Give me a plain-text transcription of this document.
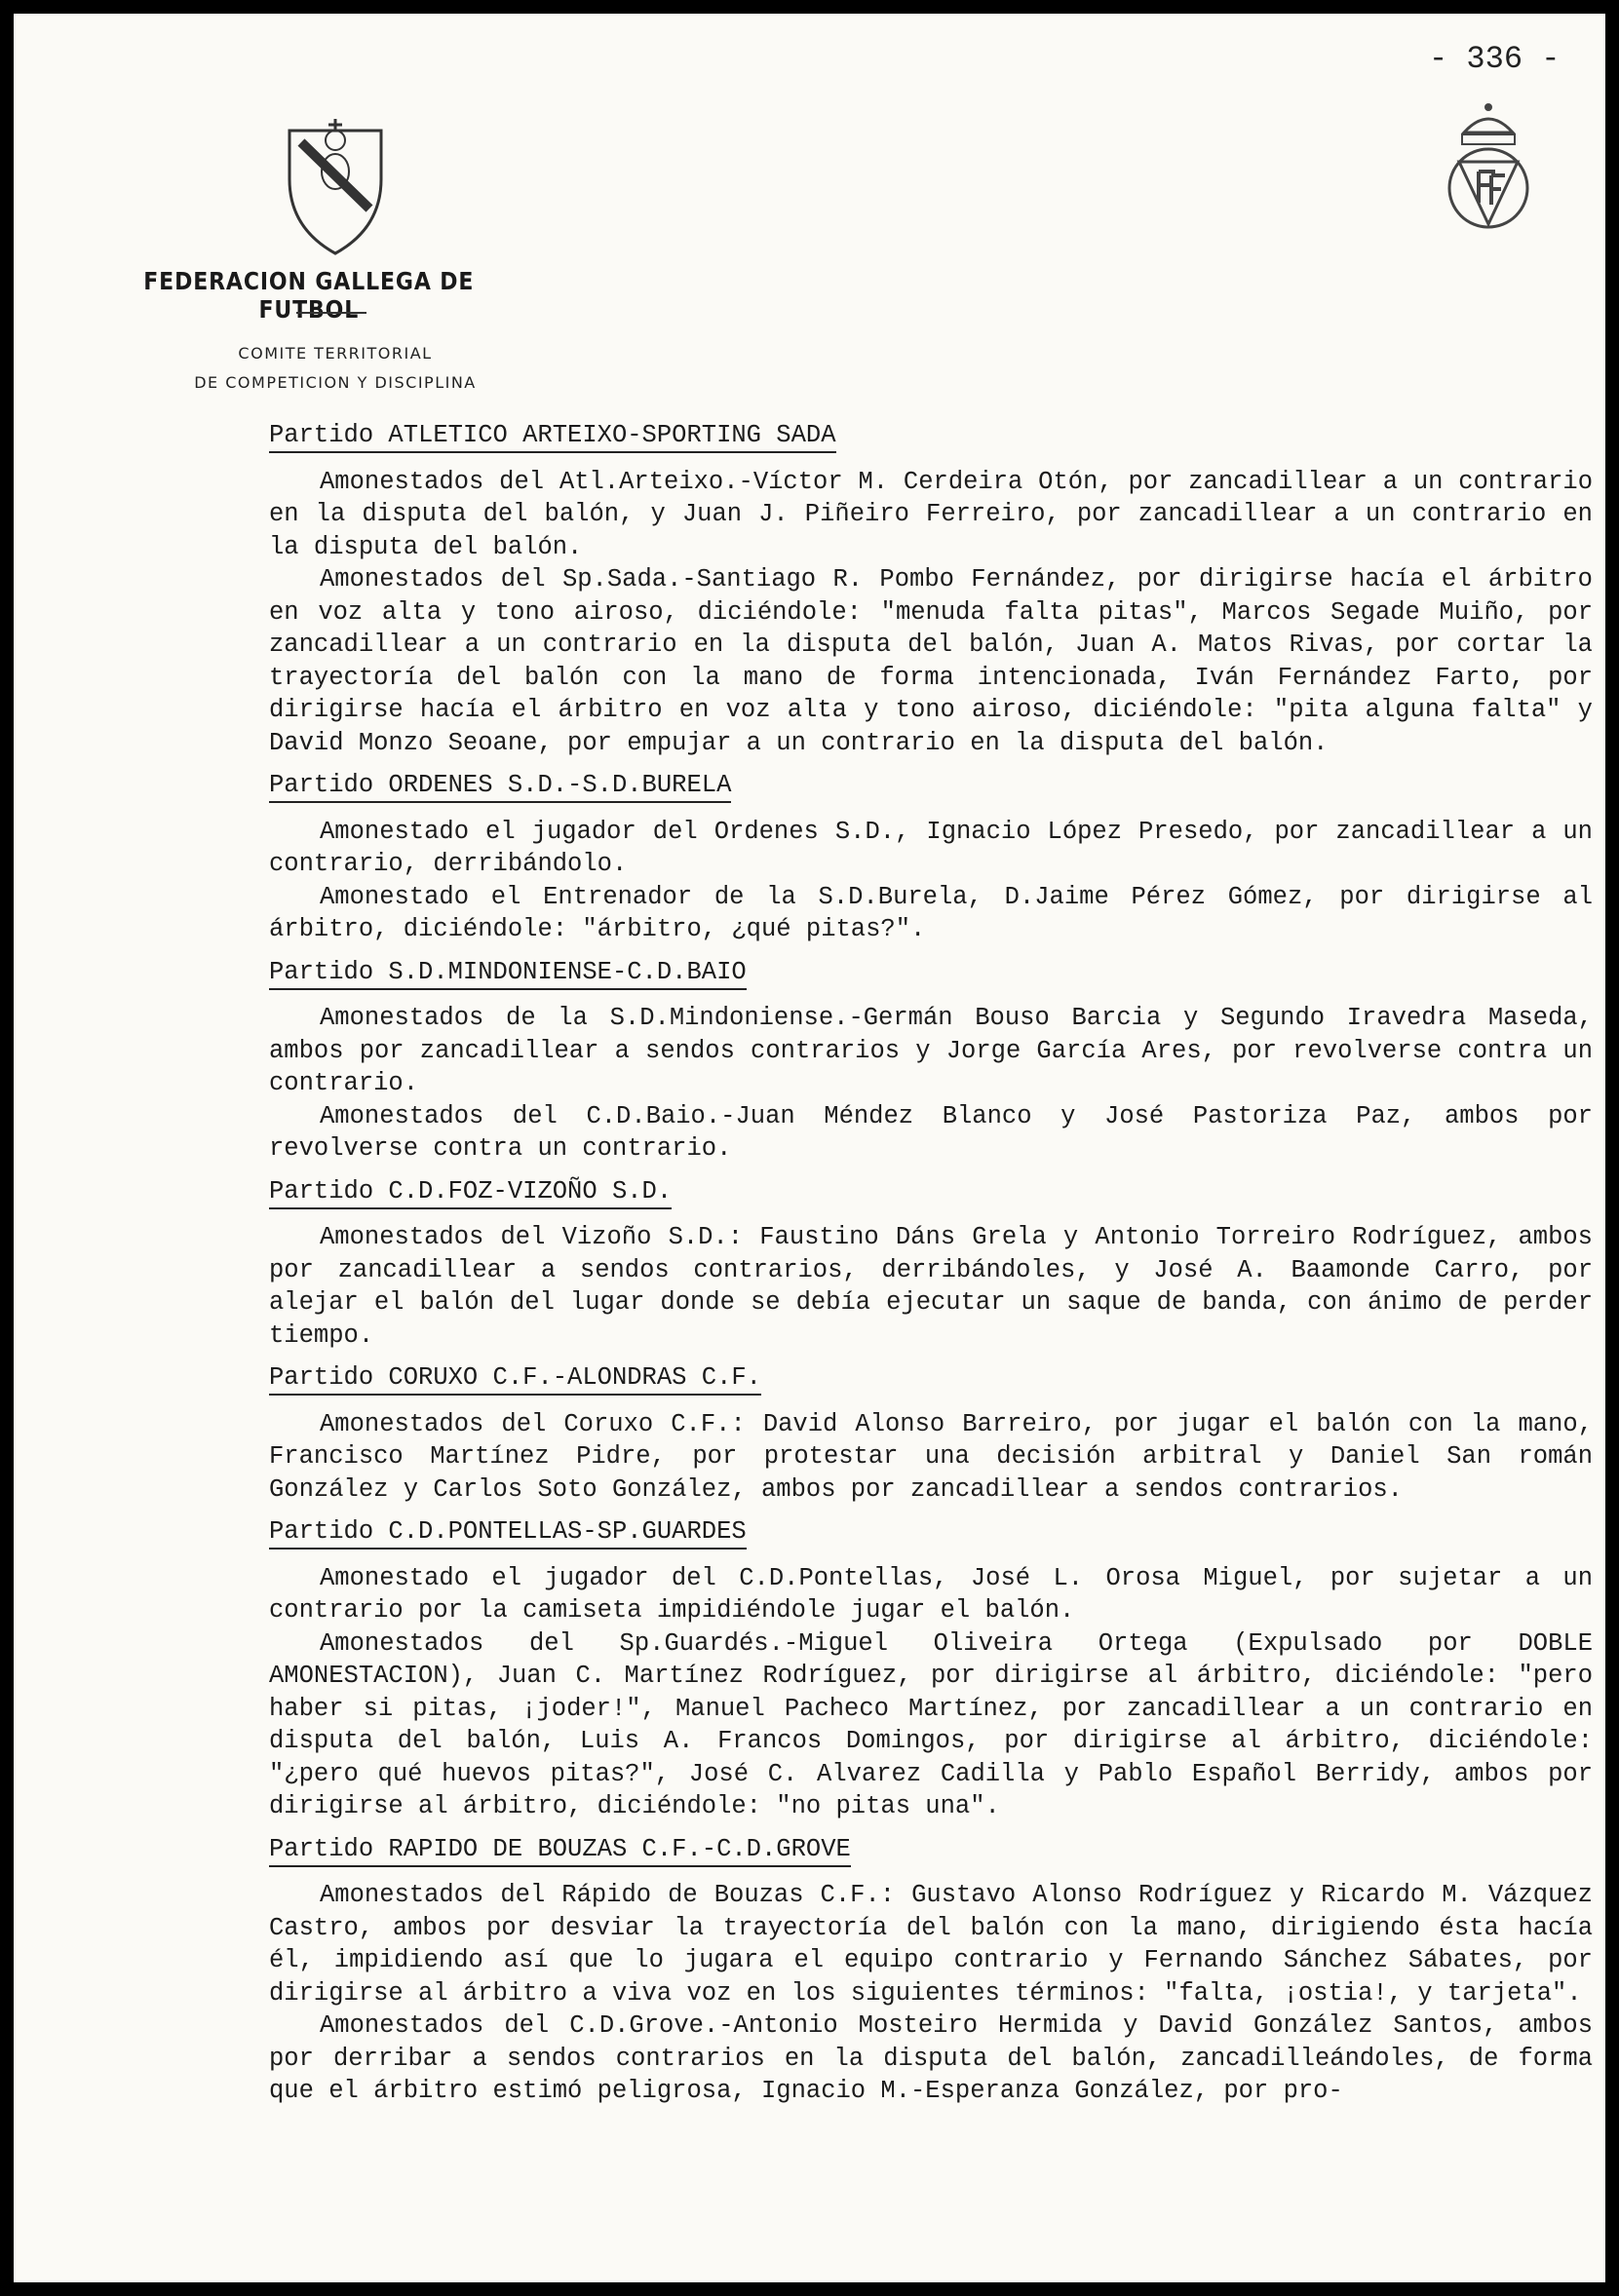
- 336 -
FEDERACION GALLEGA DE FUTBOL
COMITE TERRITORIAL
DE COMPETICION Y DISCIPLINA
Partido ATLETICO ARTEIXO-SPORTING SADA

Amonestados del Atl.Arteixo.-Víctor M. Cerdeira Otón, por zancadillear a un contrario en la disputa del balón, y Juan J. Piñeiro Ferreiro, por zancadillear a un contrario en la disputa del balón.

Amonestados del Sp.Sada.-Santiago R. Pombo Fernández, por dirigirse hacía el árbitro en voz alta y tono airoso, diciéndole: "menuda falta pitas", Marcos Segade Muiño, por zancadillear a un contrario en la disputa del balón, Juan A. Matos Rivas, por cortar la trayectoría del balón con la mano de forma intencionada, Iván Fernández Farto, por dirigirse hacía el árbitro en voz alta y tono airoso, diciéndole: "pita alguna falta" y David Monzo Seoane, por empujar a un contrario en la disputa del balón.

Partido ORDENES S.D.-S.D.BURELA

Amonestado el jugador del Ordenes S.D., Ignacio López Presedo, por zancadillear a un contrario, derribándolo.

Amonestado el Entrenador de la S.D.Burela, D.Jaime Pérez Gómez, por dirigirse al árbitro, diciéndole: "árbitro, ¿qué pitas?".

Partido S.D.MINDONIENSE-C.D.BAIO

Amonestados de la S.D.Mindoniense.-Germán Bouso Barcia y Segundo Iravedra Maseda, ambos por zancadillear a sendos contrarios y Jorge García Ares, por revolverse contra un contrario.

Amonestados del C.D.Baio.-Juan Méndez Blanco y José Pastoriza Paz, ambos por revolverse contra un contrario.

Partido C.D.FOZ-VIZOÑO S.D.

Amonestados del Vizoño S.D.: Faustino Dáns Grela y Antonio Torreiro Rodríguez, ambos por zancadillear a sendos contrarios, derribándoles, y José A. Baamonde Carro, por alejar el balón del lugar donde se debía ejecutar un saque de banda, con ánimo de perder tiempo.

Partido CORUXO C.F.-ALONDRAS C.F.

Amonestados del Coruxo C.F.: David Alonso Barreiro, por jugar el balón con la mano, Francisco Martínez Pidre, por protestar una decisión arbitral y Daniel San román González y Carlos Soto González, ambos por zancadillear a sendos contrarios.

Partido C.D.PONTELLAS-SP.GUARDES

Amonestado el jugador del C.D.Pontellas, José L. Orosa Miguel, por sujetar a un contrario por la camiseta impidiéndole jugar el balón.

Amonestados del Sp.Guardés.-Miguel Oliveira Ortega (Expulsado por DOBLE AMONESTACION), Juan C. Martínez Rodríguez, por dirigirse al árbitro, diciéndole: "pero haber si pitas, ¡joder!", Manuel Pacheco Martínez, por zancadillear a un contrario en disputa del balón, Luis A. Francos Domingos, por dirigirse al árbitro, diciéndole: "¿pero qué huevos pitas?", José C. Alvarez Cadilla y Pablo Español Berridy, ambos por dirigirse al árbitro, diciéndole: "no pitas una".

Partido RAPIDO DE BOUZAS C.F.-C.D.GROVE

Amonestados del Rápido de Bouzas C.F.: Gustavo Alonso Rodríguez y Ricardo M. Vázquez Castro, ambos por desviar la trayectoría del balón con la mano, dirigiendo ésta hacía él, impidiendo así que lo jugara el equipo contrario y Fernando Sánchez Sábates, por dirigirse al árbitro a viva voz en los siguientes términos: "falta, ¡ostia!, y tarjeta".

Amonestados del C.D.Grove.-Antonio Mosteiro Hermida y David González Santos, ambos por derribar a sendos contrarios en la disputa del balón, zancadilleándoles, de forma que el árbitro estimó peligrosa, Ignacio M.-Esperanza González, por pro-
